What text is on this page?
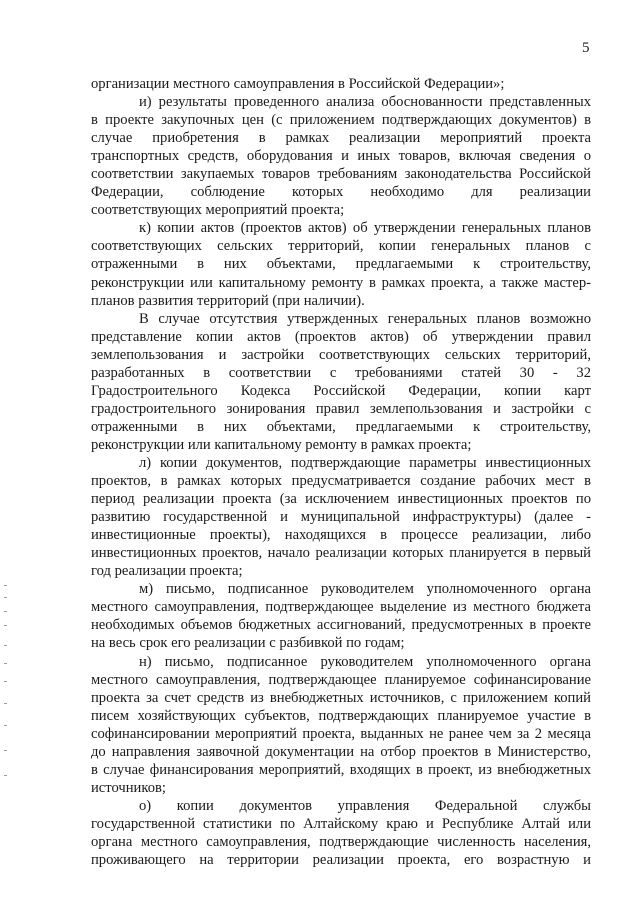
5
организации местного самоуправления в Российской Федерации»;
и) результаты проведенного анализа обоснованности представленных
в проекте закупочных цен (с приложением подтверждающих документов) в
случае приобретения в рамках реализации мероприятий проекта
транспортных средств, оборудования и иных товаров, включая сведения о
соответствии закупаемых товаров требованиям законодательства Российской
Федерации, соблюдение которых необходимо для реализации
соответствующих мероприятий проекта;
к) копии актов (проектов актов) об утверждении генеральных планов
соответствующих сельских территорий, копии генеральных планов с
отраженными в них объектами, предлагаемыми к строительству,
реконструкции или капитальному ремонту в рамках проекта, а также мастер-
планов развития территорий (при наличии).
В случае отсутствия утвержденных генеральных планов возможно
представление копии актов (проектов актов) об утверждении правил
землепользования и застройки соответствующих сельских территорий,
разработанных в соответствии с требованиями статей 30 - 32
Градостроительного Кодекса Российской Федерации, копии карт
градостроительного зонирования правил землепользования и застройки с
отраженными в них объектами, предлагаемыми к строительству,
реконструкции или капитальному ремонту в рамках проекта;
л) копии документов, подтверждающие параметры инвестиционных
проектов, в рамках которых предусматривается создание рабочих мест в
период реализации проекта (за исключением инвестиционных проектов по
развитию государственной и муниципальной инфраструктуры) (далее -
инвестиционные проекты), находящихся в процессе реализации, либо
инвестиционных проектов, начало реализации которых планируется в первый
год реализации проекта;
м) письмо, подписанное руководителем уполномоченного органа
местного самоуправления, подтверждающее выделение из местного бюджета
необходимых объемов бюджетных ассигнований, предусмотренных в проекте
на весь срок его реализации с разбивкой по годам;
н) письмо, подписанное руководителем уполномоченного органа
местного самоуправления, подтверждающее планируемое софинансирование
проекта за счет средств из внебюджетных источников, с приложением копий
писем хозяйствующих субъектов, подтверждающих планируемое участие в
софинансировании мероприятий проекта, выданных не ранее чем за 2 месяца
до направления заявочной документации на отбор проектов в Министерство,
в случае финансирования мероприятий, входящих в проект, из внебюджетных
источников;
о) копии документов управления Федеральной службы
государственной статистики по Алтайскому краю и Республике Алтай или
органа местного самоуправления, подтверждающие численность населения,
проживающего на территории реализации проекта, его возрастную и
